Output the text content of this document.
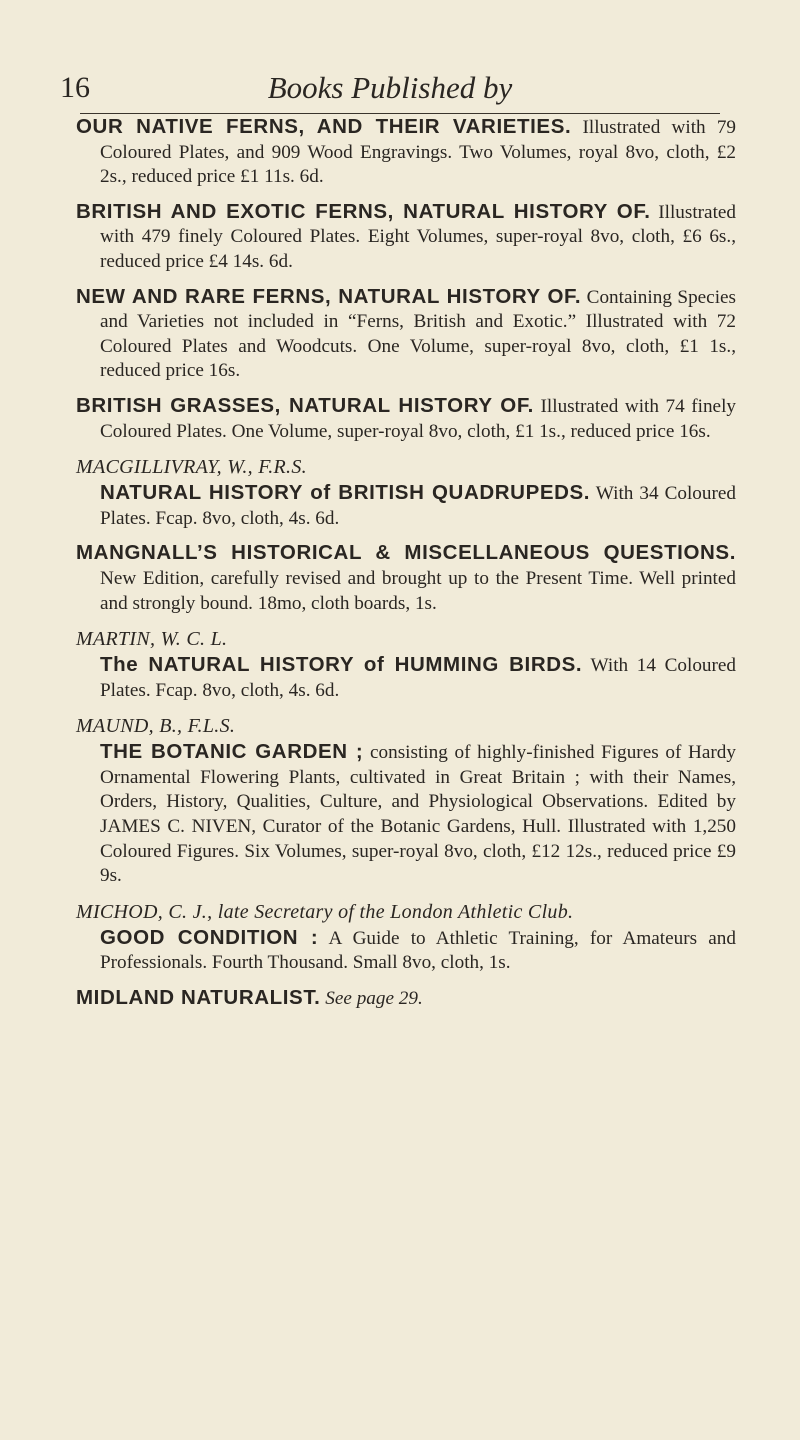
16	Books Published by
OUR NATIVE FERNS, AND THEIR VARIETIES. Illustrated with 79 Coloured Plates, and 909 Wood Engravings. Two Volumes, royal 8vo, cloth, £2 2s., reduced price £1 11s. 6d.
BRITISH AND EXOTIC FERNS, NATURAL HISTORY OF. Illustrated with 479 finely Coloured Plates. Eight Volumes, super-royal 8vo, cloth, £6 6s., reduced price £4 14s. 6d.
NEW AND RARE FERNS, NATURAL HISTORY OF. Containing Species and Varieties not included in “Ferns, British and Exotic.” Illustrated with 72 Coloured Plates and Woodcuts. One Volume, super-royal 8vo, cloth, £1 1s., reduced price 16s.
BRITISH GRASSES, NATURAL HISTORY OF. Illustrated with 74 finely Coloured Plates. One Volume, super-royal 8vo, cloth, £1 1s., reduced price 16s.
MACGILLIVRAY, W., F.R.S.
NATURAL HISTORY of BRITISH QUADRUPEDS. With 34 Coloured Plates. Fcap. 8vo, cloth, 4s. 6d.
MANGNALL’S HISTORICAL & MISCELLANEOUS QUESTIONS. New Edition, carefully revised and brought up to the Present Time. Well printed and strongly bound. 18mo, cloth boards, 1s.
MARTIN, W. C. L.
The NATURAL HISTORY of HUMMING BIRDS. With 14 Coloured Plates. Fcap. 8vo, cloth, 4s. 6d.
MAUND, B., F.L.S.
THE BOTANIC GARDEN ; consisting of highly-finished Figures of Hardy Ornamental Flowering Plants, cultivated in Great Britain ; with their Names, Orders, History, Qualities, Culture, and Physiological Observations. Edited by JAMES C. NIVEN, Curator of the Botanic Gardens, Hull. Illustrated with 1,250 Coloured Figures. Six Volumes, super-royal 8vo, cloth, £12 12s., reduced price £9 9s.
MICHOD, C. J., late Secretary of the London Athletic Club.
GOOD CONDITION : A Guide to Athletic Training, for Amateurs and Professionals. Fourth Thousand. Small 8vo, cloth, 1s.
MIDLAND NATURALIST. See page 29.
